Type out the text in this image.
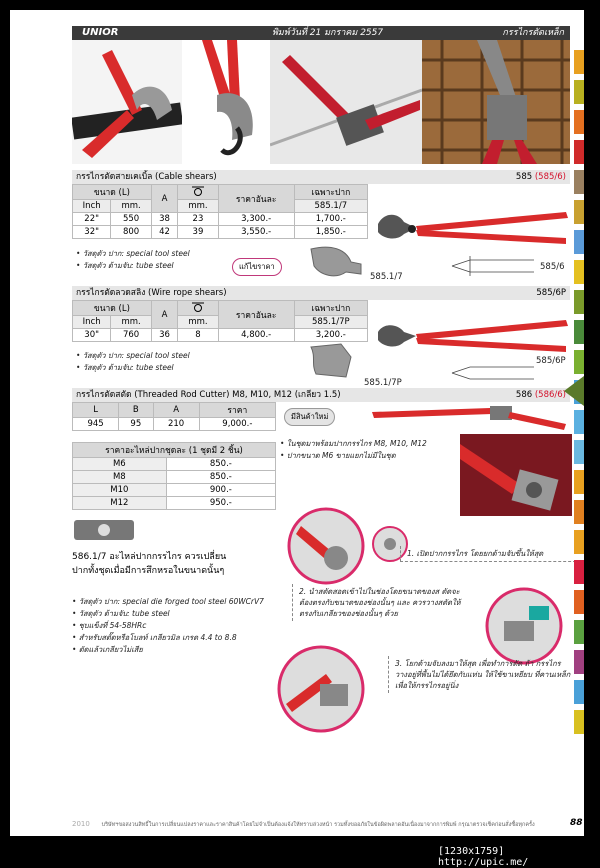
UNIOR	พิมพ์วันที่ 21 มกราคม 2557	กรรไกรตัดเหล็ก
กรรไกรตัดสายเคเบิ้ล (Cable shears)	585 (585/6)
ขนาด (L)		A		ราคาอันละ	เฉพาะปาก
Inch	mm.		mm.		585.1/7
22"	550	38	23	3,300.-	1,700.-
32"	800	42	39	3,550.-	1,850.-
• วัสดุตัว ปาก: special tool steel
• วัสดุตัว ด้ามจับ: tube steel	แก้ไขราคา
585.1/7
585/6
กรรไกรตัดลวดสลิง (Wire rope shears)	585/6P
ขนาด (L)		A		ราคาอันละ	เฉพาะปาก
Inch	mm.		mm.		585.1/7P
30"	760	36	8	4,800.-	3,200.-
• วัสดุตัว ปาก: special tool steel
• วัสดุตัว ด้ามจับ: tube steel
585.1/7P
585/6P
กรรไกรตัดสตัด (Threaded Rod Cutter) M8, M10, M12 (เกลียว 1.5)	586 (586/6)
L	B	A	ราคา
945	95	210	9,000.-
มีสินค้าใหม่
• ในชุดมาพร้อมปากกรรไกร M8, M10, M12
• ปากขนาด M6 ขายแยกไม่มีในชุด
ราคาอะไหล่ปากชุดละ (1 ชุดมี 2 ชิ้น)	
M6	850.-
M8	850.-
M10	900.-
M12	950.-
586.1/7 อะไหล่ปากกรรไกร ควรเปลี่ยน
ปากทั้งชุดเมื่อมีการสึกหรอในขนาดนั้นๆ
• วัสดุตัว ปาก: special die forged tool steel 60WCrV7
• วัสดุตัว ด้ามจับ: tube steel
• ชุบแข็งที่ 54-58HRc
• สำหรับสตั๊ดหรือโบลท์ เกลียวมิล เกรด 4.4 to 8.8
• ตัดแล้วเกลียวไม่เสีย
1. เปิดปากกรรไกร โดยยกด้ามจับขึ้นให้สุด
2. นำสตัดสอดเข้าไปในช่องโดยขนาดของส ตัดจะต้องตรงกับขนาดของช่องนั้นๆ และ ควรวางสตัดให้ตรงกับเกลียวของช่องนั้นๆ ด้วย
3. โยกด้ามจับลงมาให้สุด เพื่อทำการตัด ถ้า กรรไกรวางอยู่ที่พื้นไม่ได้ยึดกับแท่น ให้ใช้ขาเหยียบ ที่คานเหล็กเพื่อให้กรรไกรอยู่นิ่ง
2010 บริษัทฯขอสงวนสิทธิ์ในการเปลี่ยนแปลงราคาและราคาสินค้าโดยไม่จำเป็นต้องแจ้งให้ทราบล่วงหน้า รวมทั้งขออภัยในข้อผิดพลาดอันเนื่องมาจากการพิมพ์ กรุณาตรวจเช็คก่อนสั่งซื้อทุกครั้ง	88
[1230x1759] http://upic.me/
